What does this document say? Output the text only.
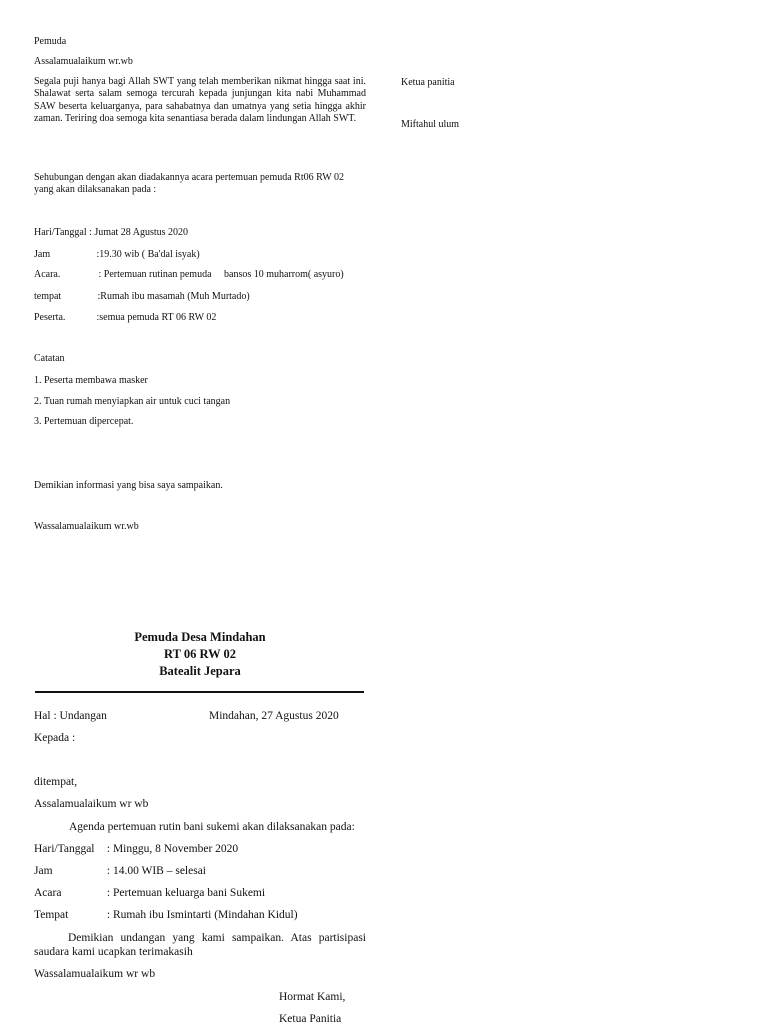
Pemuda
Assalamualaikum wr.wb
Segala puji hanya bagi Allah SWT yang telah memberikan nikmat hingga saat ini. Shalawat serta salam semoga tercurah kepada junjungan kita nabi Muhammad SAW beserta keluarganya, para sahabatnya dan umatnya yang setia hingga akhir zaman. Teriring doa semoga kita senantiasa berada dalam lindungan Allah SWT.
Ketua panitia
Miftahul ulum
Sehubungan dengan akan diadakannya acara pertemuan pemuda Rt06 RW 02
yang akan dilaksanakan pada :
Hari/Tanggal : Jumat 28 Agustus 2020
Jam	:19.30 wib ( Ba'dal isyak)
Acara.	: Pertemuan rutinan pemuda     bansos 10 muharrom( asyuro)
tempat	:Rumah ibu masamah (Muh Murtado)
Peserta.	:semua pemuda RT 06 RW 02
Catatan
1. Peserta membawa masker
2. Tuan rumah menyiapkan air untuk cuci tangan
3. Pertemuan dipercepat.
Demikian informasi yang bisa saya sampaikan.
Wassalamualaikum wr.wb
Pemuda Desa Mindahan
RT 06 RW 02
Batealit Jepara
Hal : Undangan	Mindahan, 27 Agustus 2020
Kepada :
ditempat,
Assalamualaikum wr wb
Agenda pertemuan rutin bani sukemi akan dilaksanakan pada:
Hari/Tanggal : Minggu, 8 November 2020
Jam	: 14.00 WIB – selesai
Acara	: Pertemuan keluarga bani Sukemi
Tempat	: Rumah ibu Ismintarti (Mindahan Kidul)
Demikian undangan yang kami sampaikan. Atas partisipasi saudara kami ucapkan terimakasih
Wassalamualaikum wr wb
Hormat Kami,
Ketua Panitia
